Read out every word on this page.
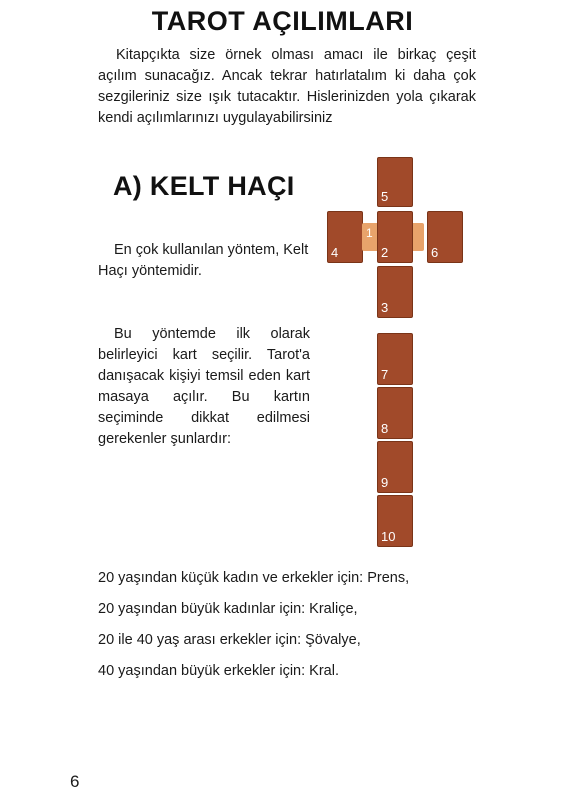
TAROT AÇILIMLARI
Kitapçıkta size örnek olması amacı ile birkaç çeşit açılım sunacağız. Ancak tekrar hatırlatalım ki daha çok sezgileriniz size ışık tutacaktır. Hislerinizden yola çıkarak kendi açılımlarınızı uygulayabilirsiniz
A) KELT HAÇI
En çok kullanılan yöntem, Kelt Haçı yöntemidir.
Bu yöntemde ilk olarak belirleyici kart seçilir. Tarot'a danışacak kişiyi temsil eden kart masaya açılır. Bu kartın seçiminde dikkat edilmesi gerekenler şunlardır:
20 yaşından küçük kadın ve erkekler için: Prens,
20 yaşından büyük kadınlar için: Kraliçe,
20 ile 40 yaş arası erkekler için: Şövalye,
40 yaşından büyük erkekler için: Kral.
5
4
1
2	6
3
7
8
9
10
6
